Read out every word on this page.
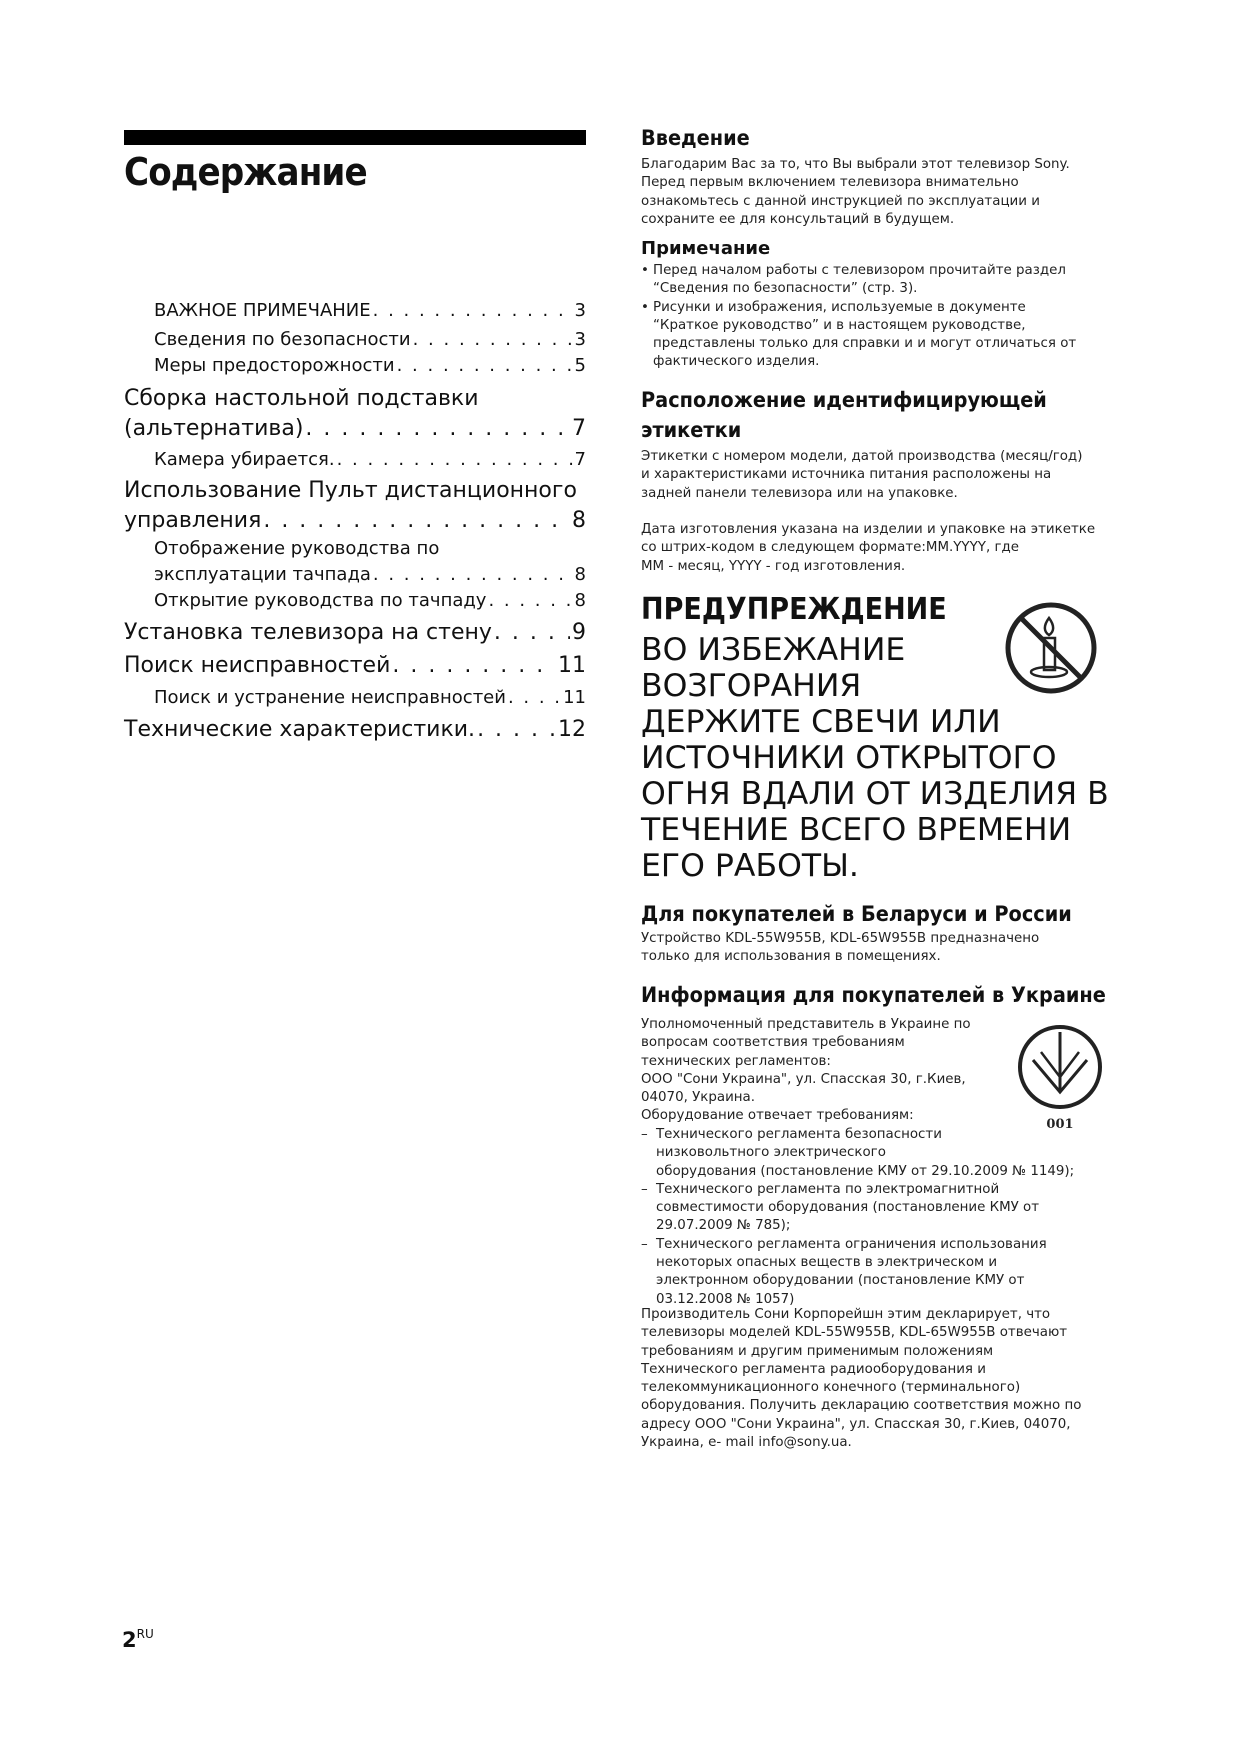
Содержание
ВАЖНОЕ ПРИМЕЧАНИЕ . . .	3
Сведения по безопасности . . .	3
Меры предосторожности . . .	5
Сборка настольной подставки
(альтернатива) . . .	7
Камера убирается. . . .	7
Использование Пульт дистанционного
управления . . .	8
Отображение руководства по
эксплуатации тачпада . . .	8
Открытие руководства по тачпаду . . .	8
Установка телевизора на стену . . .	9
Поиск неисправностей . . .	11
Поиск и устранение неисправностей . . .	11
Технические характеристики. . . .	12
Введение
Благодарим Вас за то, что Вы выбрали этот телевизор Sony.
Перед первым включением телевизора внимательно
ознакомьтесь с данной инструкцией по эксплуатации и
сохраните ее для консультаций в будущем.
Примечание
• Перед началом работы с телевизором прочитайте раздел
“Сведения по безопасности” (стр. 3).
• Рисунки и изображения, используемые в документе
“Краткое руководство” и в настоящем руководстве,
представлены только для справки и и могут отличаться от
фактического изделия.
Расположение идентифицирующей
этикетки
Этикетки с номером модели, датой производства (месяц/год)
и характеристиками источника питания расположены на
задней панели телевизора или на упаковке.
Дата изготовления указана на изделии и упаковке на этикетке
со штрих-кодом в следующем формате:MM.YYYY, где
MM - месяц, YYYY - год изготовления.
ПРЕДУПРЕЖДЕНИЕ
ВО ИЗБЕЖАНИЕ
ВОЗГОРАНИЯ
ДЕРЖИТЕ СВЕЧИ ИЛИ
ИСТОЧНИКИ ОТКРЫТОГО
ОГНЯ ВДАЛИ ОТ ИЗДЕЛИЯ В
ТЕЧЕНИЕ ВСЕГО ВРЕМЕНИ
ЕГО РАБОТЫ.
Для покупателей в Беларуси и России
Устройство KDL-55W955B, KDL-65W955B предназначено
только для использования в помещениях.
Информация для покупателей в Украине
Уполномоченный представитель в Украине по
вопросам соответствия требованиям
технических регламентов:
ООО "Сони Украина", ул. Спасская 30, г.Киев,
04070, Украина.
Оборудование отвечает требованиям:
001
– Технического регламента безопасности
низковольтного электрического
оборудования (постановление КМУ от 29.10.2009 № 1149);
– Технического регламента по электромагнитной
совместимости оборудования (постановление КМУ от
29.07.2009 № 785);
– Технического регламента ограничения использования
некоторых опасных веществ в электрическом и
электронном оборудовании (постановление КМУ от
03.12.2008 № 1057)
Производитель Сони Корпорейшн этим декларирует, что
телевизоры моделей KDL-55W955B, KDL-65W955B отвечают
требованиям и другим применимым положениям
Технического регламента радиооборудования и
телекоммуникационного конечного (терминального)
оборудования. Получить декларацию соответствия можно по
адресу ООО "Сони Украина", ул. Спасская 30, г.Киев, 04070,
Украина, е- mail info@sony.ua.
$2^{RU}$
